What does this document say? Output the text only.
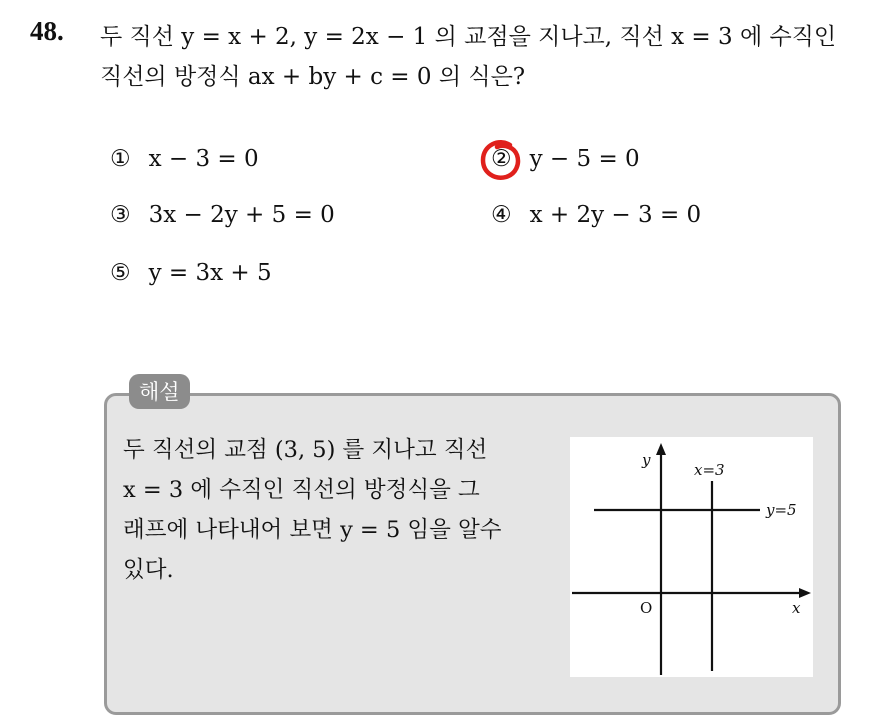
48. 두 직선 y = x + 2, y = 2x − 1 의 교점을 지나고, 직선 x = 3 에 수직인
직선의 방정식 ax + by + c = 0 의 식은?
① x − 3 = 0	② y − 5 = 0
③ 3x − 2y + 5 = 0	④ x + 2y − 3 = 0
⑤ y = 3x + 5
해설
두 직선의 교점 (3, 5) 를 지나고 직선
x = 3 에 수직인 직선의 방정식을 그
래프에 나타내어 보면 y = 5 임을 알수
있다.
y
x
O
x=3
y=5
